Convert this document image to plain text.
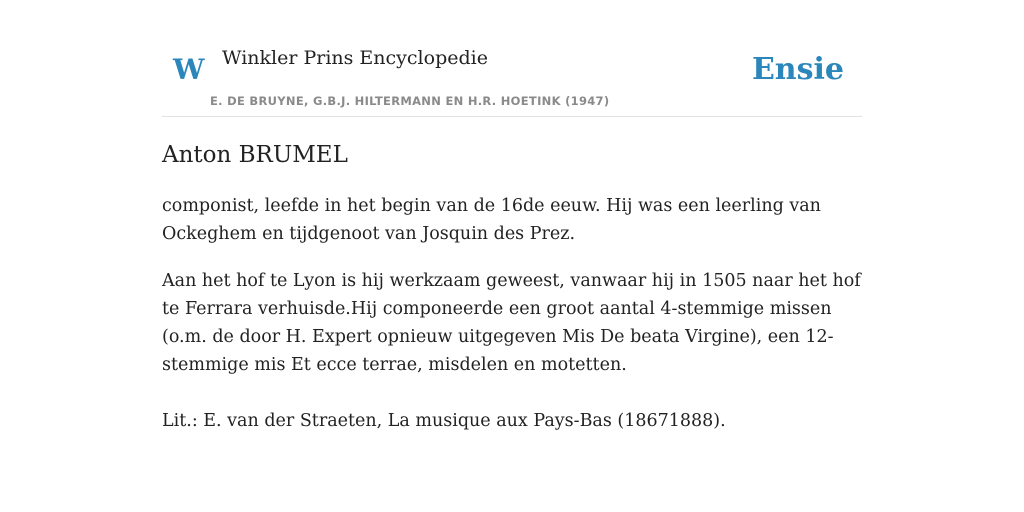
W Winkler Prins Encyclopedie
E. DE BRUYNE, G.B.J. HILTERMANN EN H.R. HOETINK (1947)
Ensie
Anton BRUMEL

componist, leefde in het begin van de 16de eeuw. Hij was een leerling van Ockeghem en tijdgenoot van Josquin des Prez.

Aan het hof te Lyon is hij werkzaam geweest, vanwaar hij in 1505 naar het hof te Ferrara verhuisde.Hij componeerde een groot aantal 4-stemmige missen (o.m. de door H. Expert opnieuw uitgegeven Mis De beata Virgine), een 12-stemmige mis Et ecce terrae, misdelen en motetten.

Lit.: E. van der Straeten, La musique aux Pays-Bas (18671888).
